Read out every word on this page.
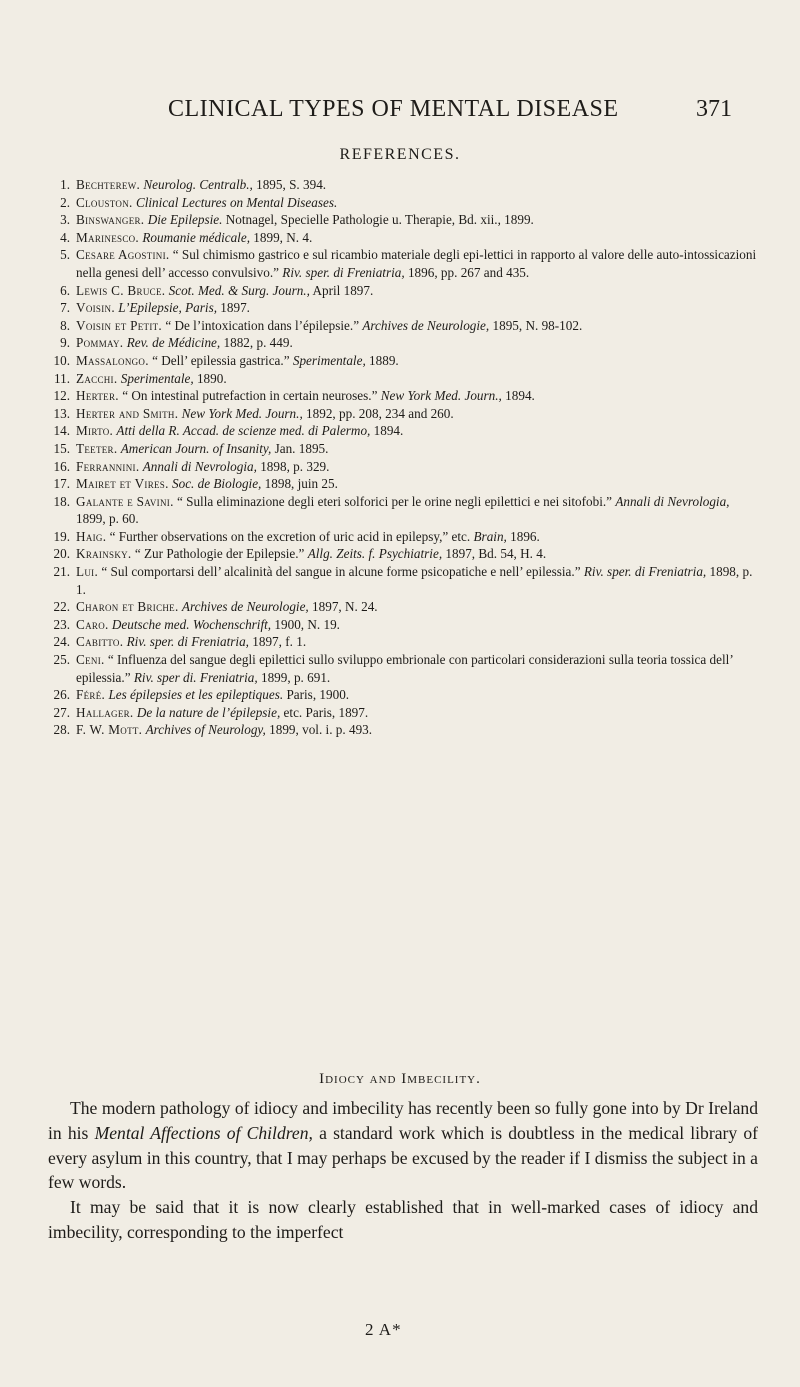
CLINICAL TYPES OF MENTAL DISEASE	371
REFERENCES.
1. Bechterew. Neurolog. Centralb., 1895, S. 394.
2. Clouston. Clinical Lectures on Mental Diseases.
3. Binswanger. Die Epilepsie. Notnagel, Specielle Pathologie u. Therapie, Bd. xii., 1899.
4. Marinesco. Roumanie médicale, 1899, N. 4.
5. Cesare Agostini. “ Sul chimismo gastrico e sul ricambio materiale degli epi-lettici in rapporto al valore delle auto-intossicazioni nella genesi dell’ accesso convulsivo.” Riv. sper. di Freniatria, 1896, pp. 267 and 435.
6. Lewis C. Bruce. Scot. Med. & Surg. Journ., April 1897.
7. Voisin. L’Epilepsie, Paris, 1897.
8. Voisin et Petit. “ De l’intoxication dans l’épilepsie.” Archives de Neurologie, 1895, N. 98-102.
9. Pommay. Rev. de Médicine, 1882, p. 449.
10. Massalongo. “ Dell’ epilessia gastrica.” Sperimentale, 1889.
11. Zacchi. Sperimentale, 1890.
12. Herter. “ On intestinal putrefaction in certain neuroses.” New York Med. Journ., 1894.
13. Herter and Smith. New York Med. Journ., 1892, pp. 208, 234 and 260.
14. Mirto. Atti della R. Accad. de scienze med. di Palermo, 1894.
15. Teeter. American Journ. of Insanity, Jan. 1895.
16. Ferrannini. Annali di Nevrologia, 1898, p. 329.
17. Mairet et Vires. Soc. de Biologie, 1898, juin 25.
18. Galante e Savini. “ Sulla eliminazione degli eteri solforici per le orine negli epilettici e nei sitofobi.” Annali di Nevrologia, 1899, p. 60.
19. Haig. “ Further observations on the excretion of uric acid in epilepsy,” etc. Brain, 1896.
20. Krainsky. “ Zur Pathologie der Epilepsie.” Allg. Zeits. f. Psychiatrie, 1897, Bd. 54, H. 4.
21. Lui. “ Sul comportarsi dell’ alcalinità del sangue in alcune forme psicopatiche e nell’ epilessia.” Riv. sper. di Freniatria, 1898, p. 1.
22. Charon et Briche. Archives de Neurologie, 1897, N. 24.
23. Caro. Deutsche med. Wochenschrift, 1900, N. 19.
24. Cabitto. Riv. sper. di Freniatria, 1897, f. 1.
25. Ceni. “ Influenza del sangue degli epilettici sullo sviluppo embrionale con particolari considerazioni sulla teoria tossica dell’ epilessia.” Riv. sper di. Freniatria, 1899, p. 691.
26. Féré. Les épilepsies et les epileptiques. Paris, 1900.
27. Hallager. De la nature de l’épilepsie, etc. Paris, 1897.
28. F. W. Mott. Archives of Neurology, 1899, vol. i. p. 493.
Idiocy and Imbecility.

The modern pathology of idiocy and imbecility has recently been so fully gone into by Dr Ireland in his Mental Affections of Children, a standard work which is doubtless in the medical library of every asylum in this country, that I may perhaps be excused by the reader if I dismiss the subject in a few words.

It may be said that it is now clearly established that in well-marked cases of idiocy and imbecility, corresponding to the imperfect

2 A*
